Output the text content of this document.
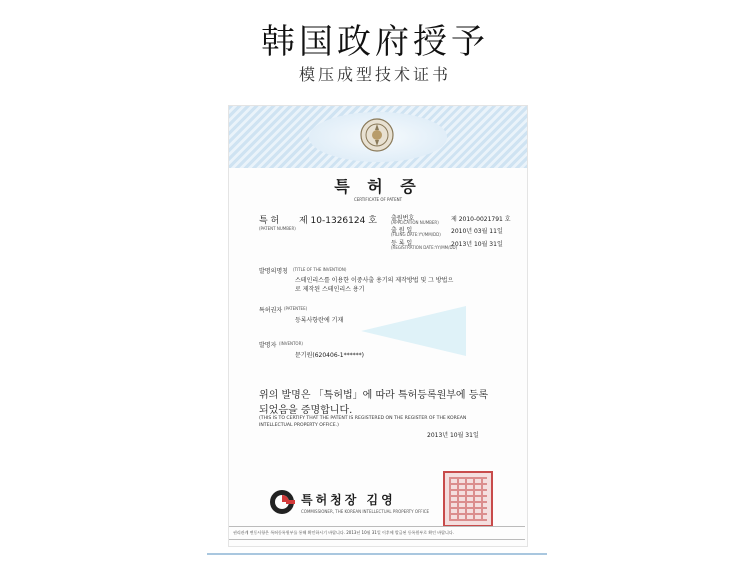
韩国政府授予
模压成型技术证书
특 허 증
CERTIFICATE OF PATENT
특 허 제 10-1326124 호
(PATENT NUMBER)
출원번호
(APPLICATION NUMBER) 제 2010-0021791 호
출 원 일
(FILING DATE:YY/MM/DD) 2010년 03월 11일
등 록 일
(REGISTRATION DATE:YY/MM/DD)
2013년 10월 31일
발명의명칭 (TITLE OF THE INVENTION)
스테인리스를 이용한 이중사출 용기의 제작방법 및 그 방법으
로 제작된 스테인리스 용기
특허권자 (PATENTEE)
등록사항란에 기재
발명자 (INVENTOR)
문기원(620406-1******)
위의 발명은 「특허법」에 따라 특허등록원부에 등록
되었음을 증명합니다.
(THIS IS TO CERTIFY THAT THE PATENT IS REGISTERED ON THE REGISTER OF THE KOREAN
INTELLECTUAL PROPERTY OFFICE.)
2013년 10월 31일
특허청장 김영
COMMISSIONER, THE KOREAN INTELLECTUAL PROPERTY OFFICE
권리관계 변동사항은 특허등록원부를 통해 확인하시기 바랍니다. 2013년 10월 31일 이후에 발급된 등록원부로 확인 바랍니다.
